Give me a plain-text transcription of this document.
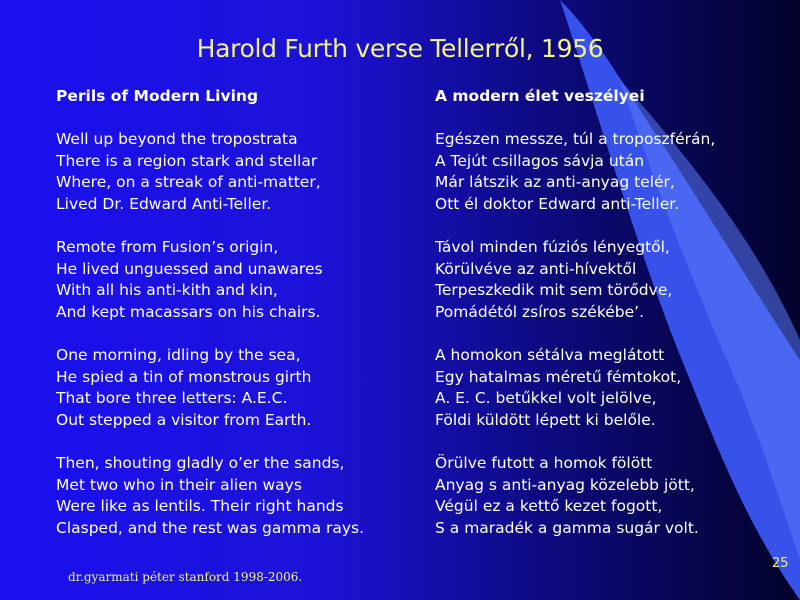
Harold Furth verse Tellerről, 1956
Perils of Modern Living
Well up beyond the tropostrata
There is a region stark and stellar
Where, on a streak of anti-matter,
Lived Dr. Edward Anti-Teller.
Remote from Fusion’s origin,
He lived unguessed and unawares
With all his anti-kith and kin,
And kept macassars on his chairs.
One morning, idling by the sea,
He spied a tin of monstrous girth
That bore three letters: A.E.C.
Out stepped a visitor from Earth.
Then, shouting gladly o’er the sands,
Met two who in their alien ways
Were like as lentils. Their right hands
Clasped, and the rest was gamma rays.
A modern élet veszélyei
Egészen messze, túl a troposzférán,
A Tejút csillagos sávja után
Már látszik az anti-anyag telér,
Ott él doktor Edward anti-Teller.
Távol minden fúziós lényegtől,
Körülvéve az anti-hívektől
Terpeszkedik mit sem törődve,
Pomádétól zsíros székébe’.
A homokon sétálva meglátott
Egy hatalmas méretű fémtokot,
A. E. C. betűkkel volt jelölve,
Földi küldött lépett ki belőle.
Örülve futott a homok fölött
Anyag s anti-anyag közelebb jött,
Végül ez a kettő kezet fogott,
S a maradék a gamma sugár volt.
dr.gyarmati péter stanford 1998-2006.
25
